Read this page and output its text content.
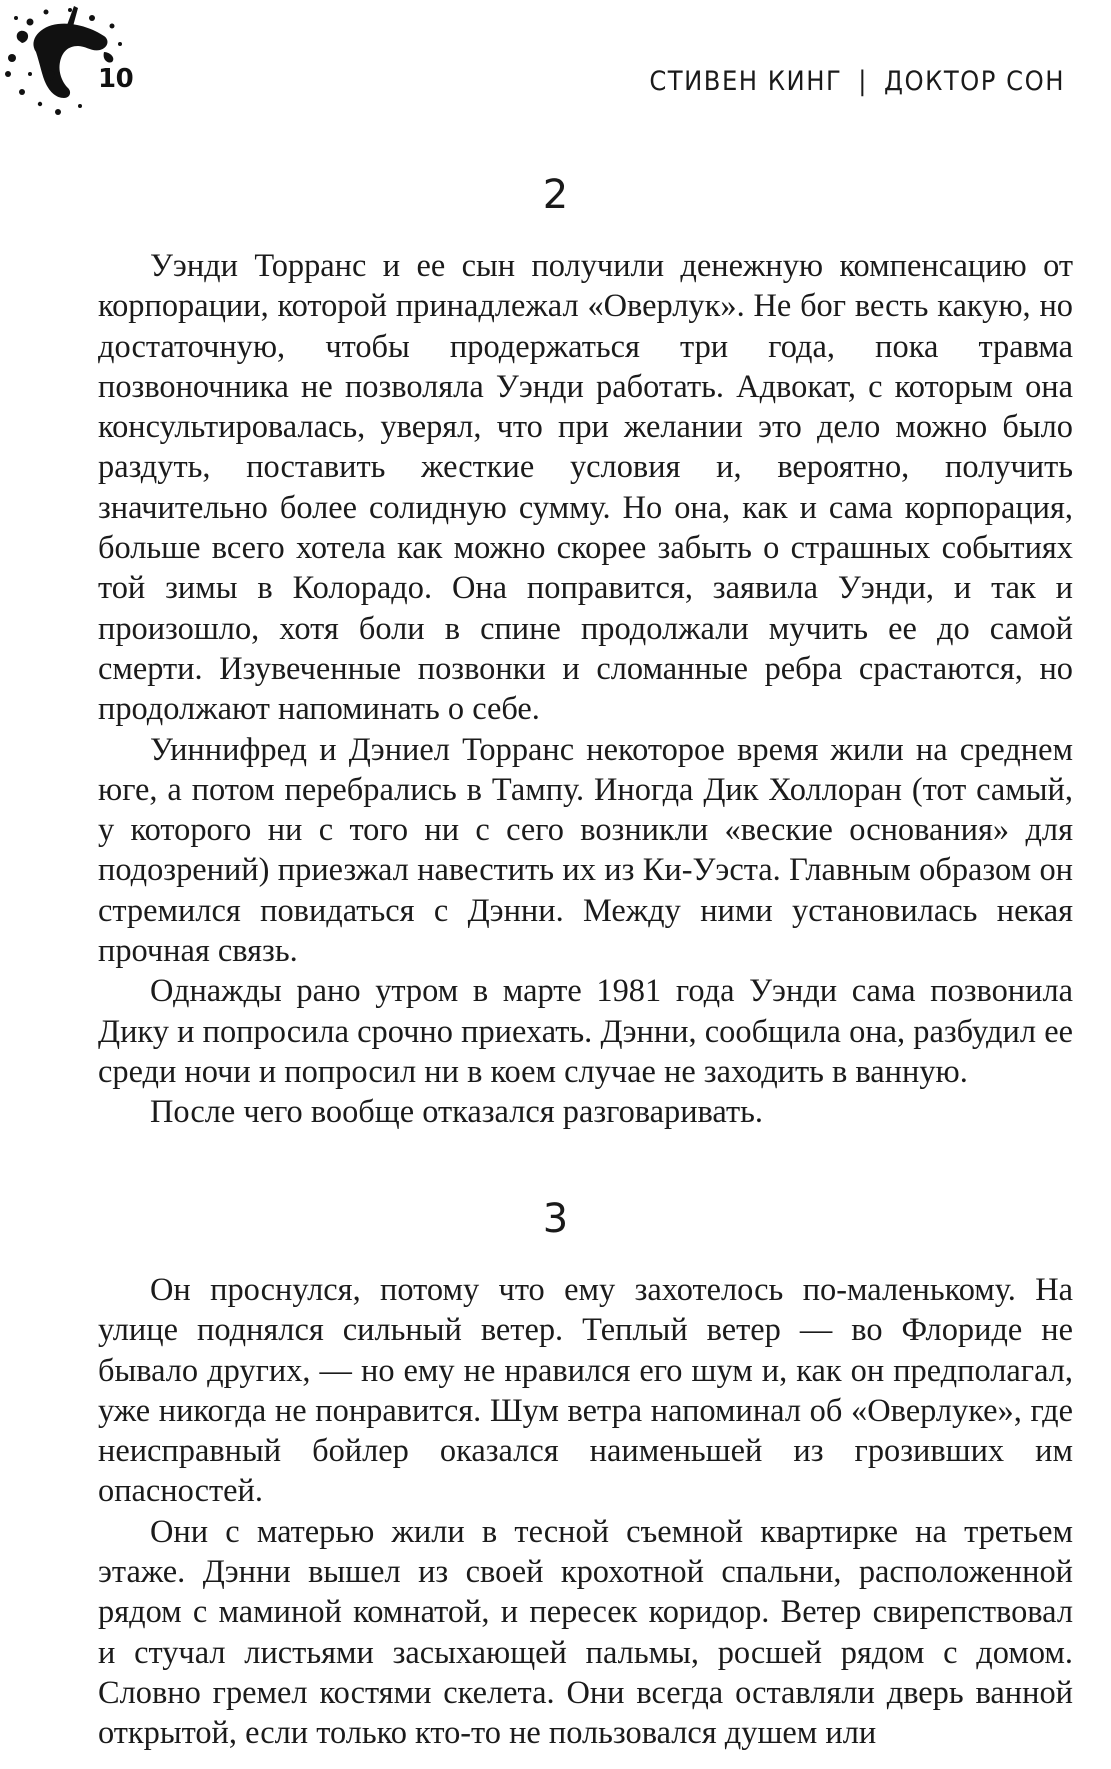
10	СТИВЕН КИНГ | ДОКТОР СОН
2

Уэнди Торранс и ее сын получили денежную компенсацию от корпорации, которой принадлежал «Оверлук». Не бог весть какую, но достаточную, чтобы продержаться три года, пока травма позвоночника не позволяла Уэнди работать. Адвокат, с которым она консультировалась, уверял, что при желании это дело можно было раздуть, поставить жесткие условия и, вероятно, получить значительно более солидную сумму. Но она, как и сама корпорация, больше всего хотела как можно скорее забыть о страшных событиях той зимы в Колорадо. Она поправится, заявила Уэнди, и так и произошло, хотя боли в спине продолжали мучить ее до самой смерти. Изувеченные позвонки и сломанные ребра срастаются, но продолжают напоминать о себе.

Уиннифред и Дэниел Торранс некоторое время жили на среднем юге, а потом перебрались в Тампу. Иногда Дик Холлоран (тот самый, у которого ни с того ни с сего возникли «веские основания» для подозрений) приезжал навестить их из Ки-Уэста. Главным образом он стремился повидаться с Дэнни. Между ними установилась некая прочная связь.

Однажды рано утром в марте 1981 года Уэнди сама позвонила Дику и попросила срочно приехать. Дэнни, сообщила она, разбудил ее среди ночи и попросил ни в коем случае не заходить в ванную.

После чего вообще отказался разговаривать.

3

Он проснулся, потому что ему захотелось по-маленькому. На улице поднялся сильный ветер. Теплый ветер — во Флориде не бывало других, — но ему не нравился его шум и, как он предполагал, уже никогда не понравится. Шум ветра напоминал об «Оверлуке», где неисправный бойлер оказался наименьшей из грозивших им опасностей.

Они с матерью жили в тесной съемной квартирке на третьем этаже. Дэнни вышел из своей крохотной спальни, расположенной рядом с маминой комнатой, и пересек коридор. Ветер свирепствовал и стучал листьями засыхающей пальмы, росшей рядом с домом. Словно гремел костями скелета. Они всегда оставляли дверь ванной открытой, если только кто-то не пользовался душем или
